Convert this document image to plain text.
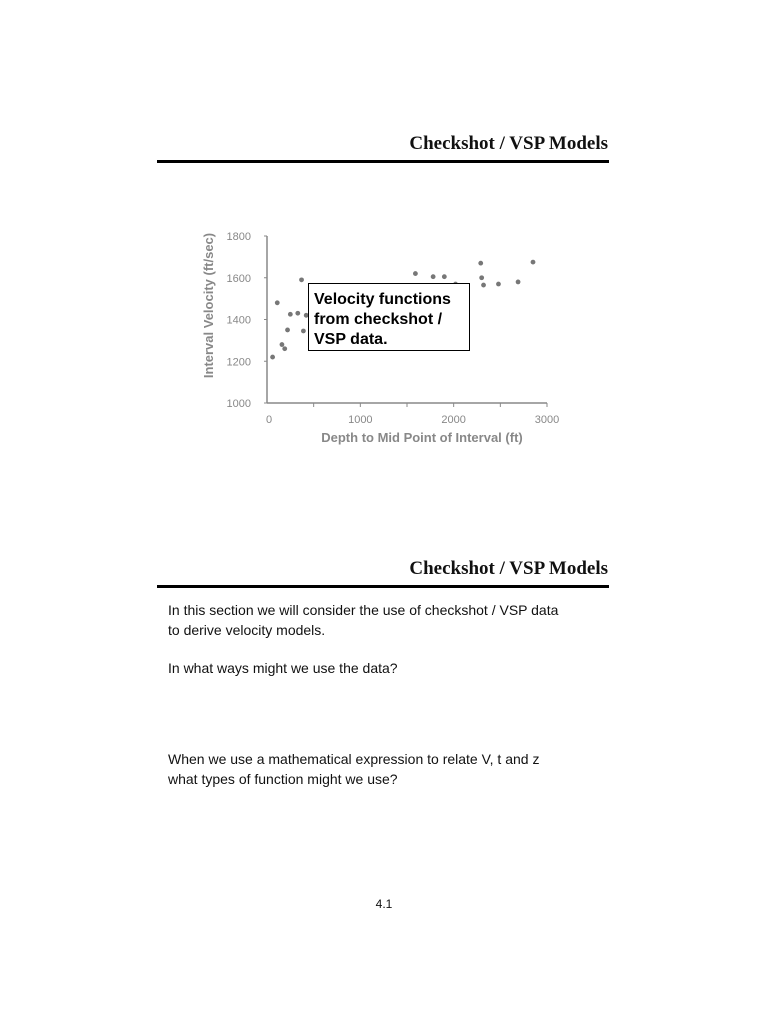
Checkshot / VSP Models
1000
1200
1400
1600
1800
0	1000	2000	3000
Depth to Mid Point of Interval (ft)
Interval Velocity (ft/sec)	Velocity functions
from checkshot /
VSP data.
Checkshot / VSP Models
In this section we will consider the use of checkshot / VSP data
to derive velocity models.
In what ways might we use the data?
When we use a mathematical expression to relate V, t and z
what types of function might we use?
4.1
